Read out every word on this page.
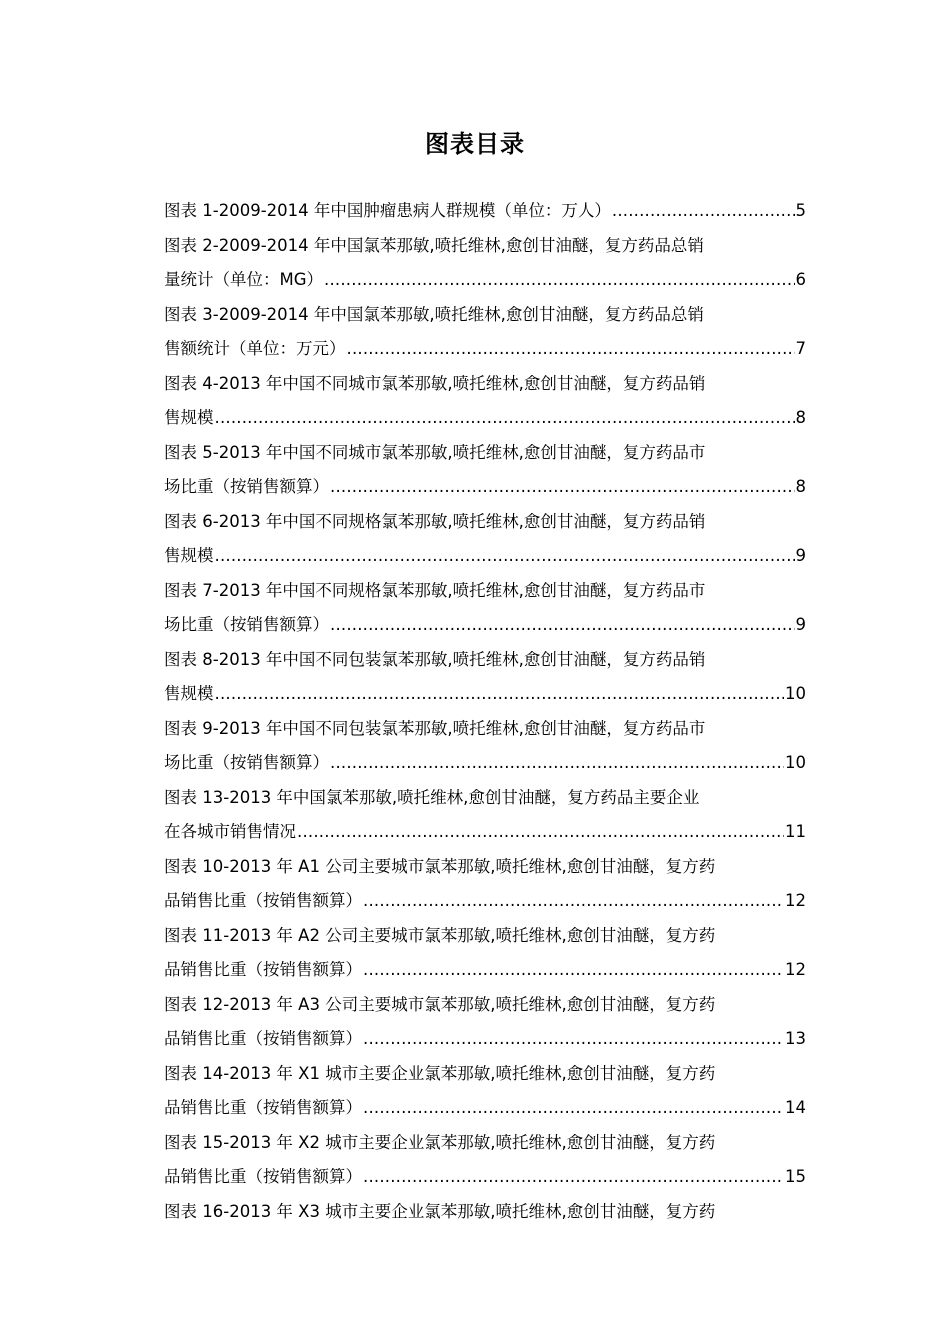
图表目录
图表 1-2009-2014 年中国肿瘤患病人群规模（单位：万人） .....	5
图表 2-2009-2014 年中国氯苯那敏,喷托维林,愈创甘油醚，复方药品总销
量统计（单位：MG） .....	6
图表 3-2009-2014 年中国氯苯那敏,喷托维林,愈创甘油醚，复方药品总销
售额统计（单位：万元） .....	7
图表 4-2013 年中国不同城市氯苯那敏,喷托维林,愈创甘油醚，复方药品销
售规模 .....	8
图表 5-2013 年中国不同城市氯苯那敏,喷托维林,愈创甘油醚，复方药品市
场比重（按销售额算） .....	8
图表 6-2013 年中国不同规格氯苯那敏,喷托维林,愈创甘油醚，复方药品销
售规模 .....	9
图表 7-2013 年中国不同规格氯苯那敏,喷托维林,愈创甘油醚，复方药品市
场比重（按销售额算） .....	9
图表 8-2013 年中国不同包装氯苯那敏,喷托维林,愈创甘油醚，复方药品销
售规模 .....	10
图表 9-2013 年中国不同包装氯苯那敏,喷托维林,愈创甘油醚，复方药品市
场比重（按销售额算） .....	10
图表 13-2013 年中国氯苯那敏,喷托维林,愈创甘油醚，复方药品主要企业
在各城市销售情况 .....	11
图表 10-2013 年 A1 公司主要城市氯苯那敏,喷托维林,愈创甘油醚，复方药
品销售比重（按销售额算） .....	12
图表 11-2013 年 A2 公司主要城市氯苯那敏,喷托维林,愈创甘油醚，复方药
品销售比重（按销售额算） .....	12
图表 12-2013 年 A3 公司主要城市氯苯那敏,喷托维林,愈创甘油醚，复方药
品销售比重（按销售额算） .....	13
图表 14-2013 年 X1 城市主要企业氯苯那敏,喷托维林,愈创甘油醚，复方药
品销售比重（按销售额算） .....	14
图表 15-2013 年 X2 城市主要企业氯苯那敏,喷托维林,愈创甘油醚，复方药
品销售比重（按销售额算） .....	15
图表 16-2013 年 X3 城市主要企业氯苯那敏,喷托维林,愈创甘油醚，复方药
